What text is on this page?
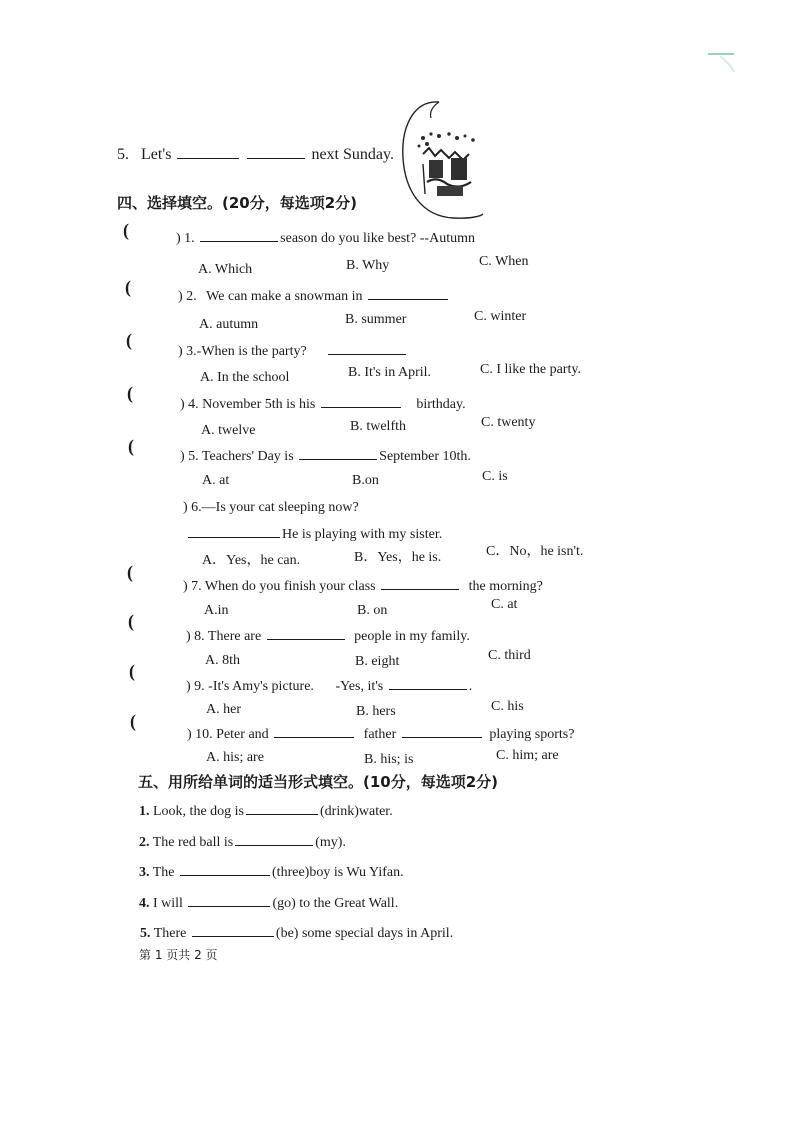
5. Let's	next Sunday.
四、选择填空。(20分，每选项2分)
(
(
(
(
(
(
(
(
(
) 1.	season do you like best? --Autumn
A. Which	B. Why	C. When
) 2. We can make a snowman in
A. autumn	B. summer	C. winter
) 3.-When is the party?
A. In the school	B. It's in April.	C. I like the party.
) 4. November 5th is his	birthday.
A. twelve	B. twelfth	C. twenty
) 5. Teachers' Day is	September 10th.
A. at	B.on	C. is
) 6.—Is your cat sleeping now?
He is playing with my sister.
A．Yes，he can.	B．Yes，he is.	C．No，he isn't.
) 7. When do you finish your class	the morning?
A.in	B. on	C. at
) 8. There are	people in my family.
A. 8th	B. eight	C. third
) 9. -It's Amy's picture. -Yes, it's	.
A. her	B. hers	C. his
) 10. Peter and	father	playing sports?
A. his; are	B. his; is	C. him; are
五、用所给单词的适当形式填空。(10分，每选项2分)
1. Look, the dog is	(drink)water.
2. The red ball is	(my).
3. The	(three)boy is Wu Yifan.
4. I will	(go) to the Great Wall.
5. There	(be) some special days in April.
第 1 页共 2 页
